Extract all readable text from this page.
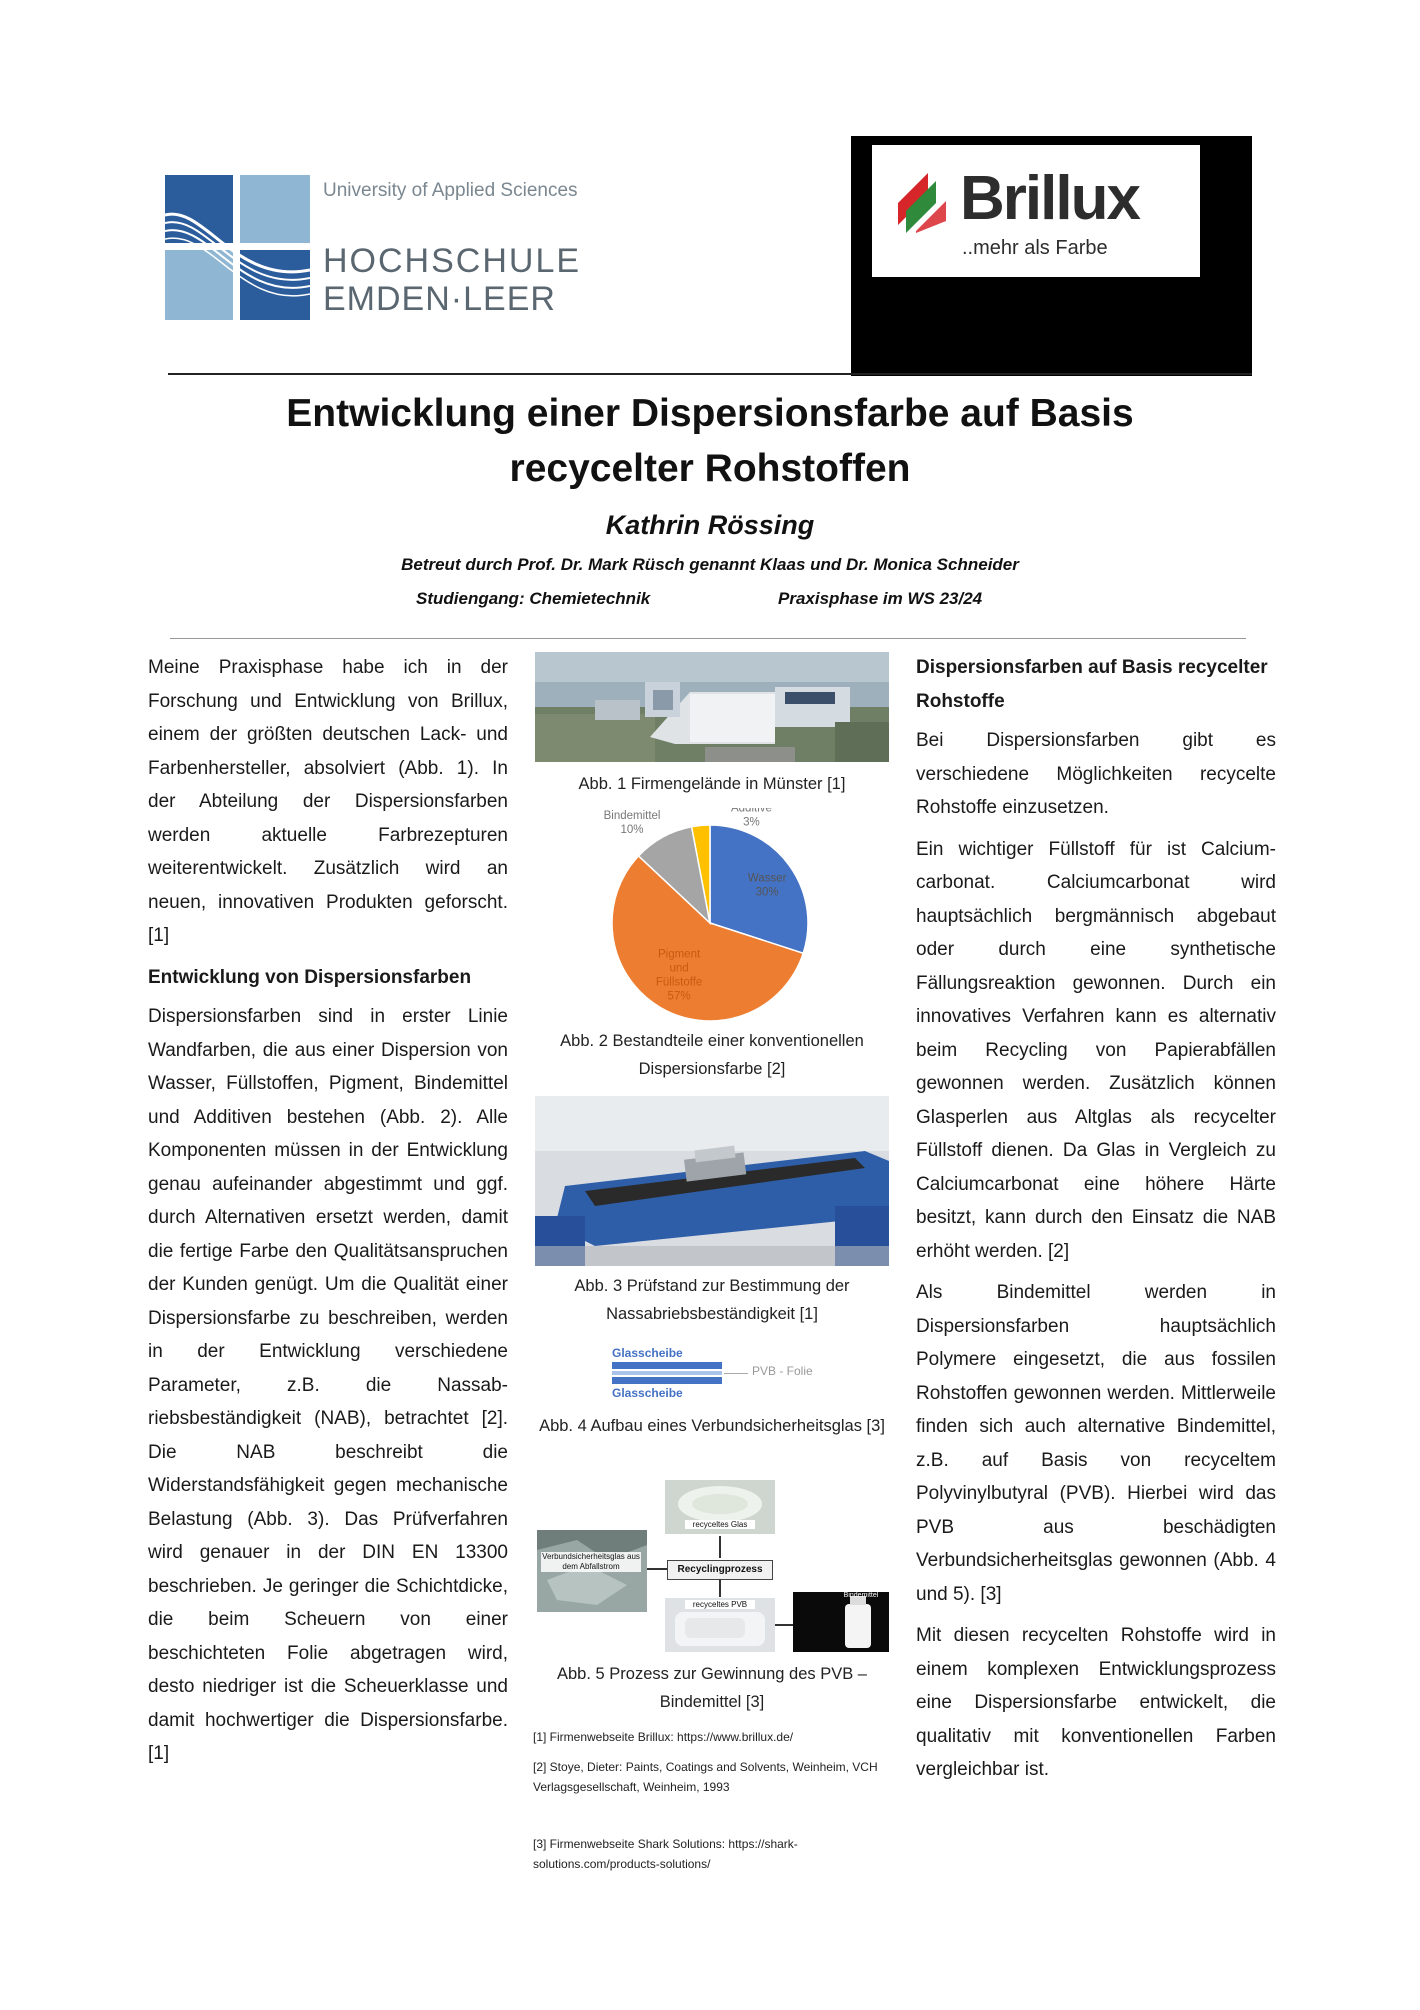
University of Applied Sciences
HOCHSCHULE
EMDEN·LEER
Brillux
..mehr als Farbe
Entwicklung einer Dispersionsfarbe auf Basis
recycelter Rohstoffen
Kathrin Rössing
Betreut durch Prof. Dr. Mark Rüsch genannt Klaas und Dr. Monica Schneider
Studiengang: Chemietechnik	Praxisphase im WS 23/24

Meine Praxisphase habe ich in der Forschung und Entwicklung von Brillux, einem der größten deutschen Lack- und Farbenhersteller, absolviert (Abb. 1). In der Abteilung der Dispersionsfarben werden aktuelle Farbrezepturen weiterentwickelt. Zusätzlich wird an neuen, innovativen Produkten geforscht. [1]

Entwicklung von Dispersionsfarben

Dispersionsfarben sind in erster Linie Wandfarben, die aus einer Dispersion von Wasser, Füllstoffen, Pigment, Bindemittel und Additiven bestehen (Abb. 2). Alle Komponenten müssen in der Entwicklung genau aufeinander abgestimmt und ggf. durch Alternativen ersetzt werden, damit die fertige Farbe den Qualitätsanspruchen der Kunden genügt. Um die Qualität einer Dispersionsfarbe zu beschreiben, werden in der Entwicklung verschiedene Parameter, z.B. die Nassabriebsbeständigkeit (NAB), betrachtet [2]. Die NAB beschreibt die Widerstandsfähigkeit gegen mechanische Belastung (Abb. 3). Das Prüfverfahren wird genauer in der DIN EN 13300 beschrieben. Je geringer die Schichtdicke, die beim Scheuern von einer beschichteten Folie abgetragen wird, desto niedriger ist die Scheuerklasse und damit hochwertiger die Dispersionsfarbe. [1]

Abb. 1 Firmengelände in Münster [1]
Wasser 30%
Pigment und Füllstoffe 57%
Bindemittel 10%
Additive 3%
Abb. 2 Bestandteile einer konventionellen Dispersionsfarbe [2]
Abb. 3 Prüfstand zur Bestimmung der Nassabriebsbeständigkeit [1]
Glasscheibe
Glasscheibe
PVB - Folie
Abb. 4 Aufbau eines Verbundsicherheitsglas [3]
Verbundsicherheitsglas aus dem Abfallstrom
recyceltes Glas
Recyclingprozess
recyceltes PVB
Bindemittel
Abb. 5 Prozess zur Gewinnung des PVB – Bindemittel [3]
[1] Firmenwebseite Brillux: https://www.brillux.de/
[2] Stoye, Dieter: Paints, Coatings and Solvents, Weinheim, VCH Verlagsgesellschaft, Weinheim, 1993
[3] Firmenwebseite Shark Solutions: https://shark-solutions.com/products-solutions/
Dispersionsfarben auf Basis recycelter Rohstoffe

Bei Dispersionsfarben gibt es verschiedene Möglichkeiten recycelte Rohstoffe einzusetzen.

Ein wichtiger Füllstoff für ist Calciumcarbonat. Calciumcarbonat wird hauptsächlich bergmännisch abgebaut oder durch eine synthetische Fällungsreaktion gewonnen. Durch ein innovatives Verfahren kann es alternativ beim Recycling von Papierabfällen gewonnen werden. Zusätzlich können Glasperlen aus Altglas als recycelter Füllstoff dienen. Da Glas in Vergleich zu Calciumcarbonat eine höhere Härte besitzt, kann durch den Einsatz die NAB erhöht werden. [2]

Als Bindemittel werden in Dispersionsfarben hauptsächlich Polymere eingesetzt, die aus fossilen Rohstoffen gewonnen werden. Mittlerweile finden sich auch alternative Bindemittel, z.B. auf Basis von recyceltem Polyvinylbutyral (PVB). Hierbei wird das PVB aus beschädigten Verbundsicherheitsglas gewonnen (Abb. 4 und 5). [3]

Mit diesen recycelten Rohstoffe wird in einem komplexen Entwicklungsprozess eine Dispersionsfarbe entwickelt, die qualitativ mit konventionellen Farben vergleichbar ist.
